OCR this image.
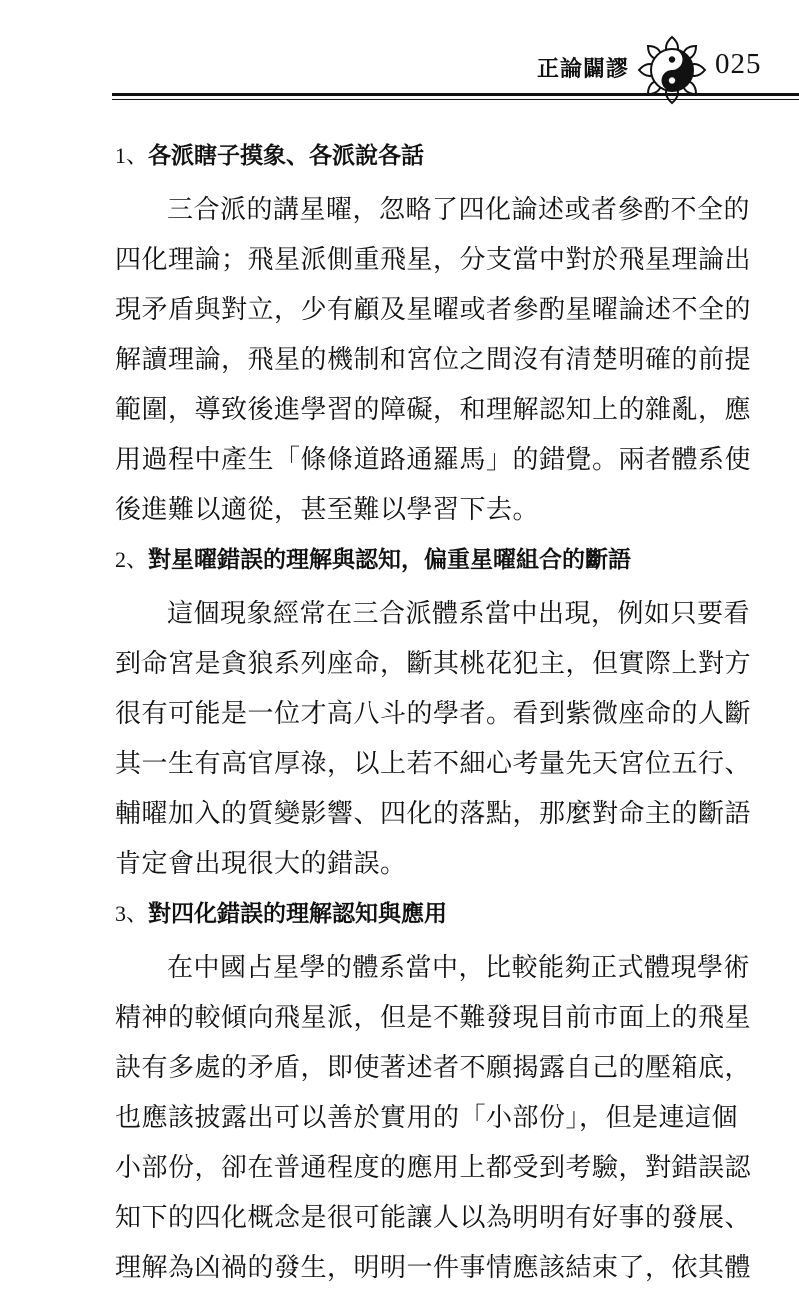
正論闢謬	025
1、各派瞎子摸象、各派說各話
三合派的講星曜，忽略了四化論述或者參酌不全的
四化理論；飛星派側重飛星，分支當中對於飛星理論出
現矛盾與對立，少有顧及星曜或者參酌星曜論述不全的
解讀理論，飛星的機制和宮位之間沒有清楚明確的前提
範圍，導致後進學習的障礙，和理解認知上的雜亂，應
用過程中產生「條條道路通羅馬」的錯覺。兩者體系使
後進難以適從，甚至難以學習下去。
2、對星曜錯誤的理解與認知，偏重星曜組合的斷語
這個現象經常在三合派體系當中出現，例如只要看
到命宮是貪狼系列座命，斷其桃花犯主，但實際上對方
很有可能是一位才高八斗的學者。看到紫微座命的人斷
其一生有高官厚祿，以上若不細心考量先天宮位五行、
輔曜加入的質變影響、四化的落點，那麼對命主的斷語
肯定會出現很大的錯誤。
3、對四化錯誤的理解認知與應用
在中國占星學的體系當中，比較能夠正式體現學術
精神的較傾向飛星派，但是不難發現目前市面上的飛星
訣有多處的矛盾，即使著述者不願揭露自己的壓箱底，
也應該披露出可以善於實用的「小部份」，但是連這個
小部份，卻在普通程度的應用上都受到考驗，對錯誤認
知下的四化概念是很可能讓人以為明明有好事的發展、
理解為凶禍的發生，明明一件事情應該結束了，依其體
